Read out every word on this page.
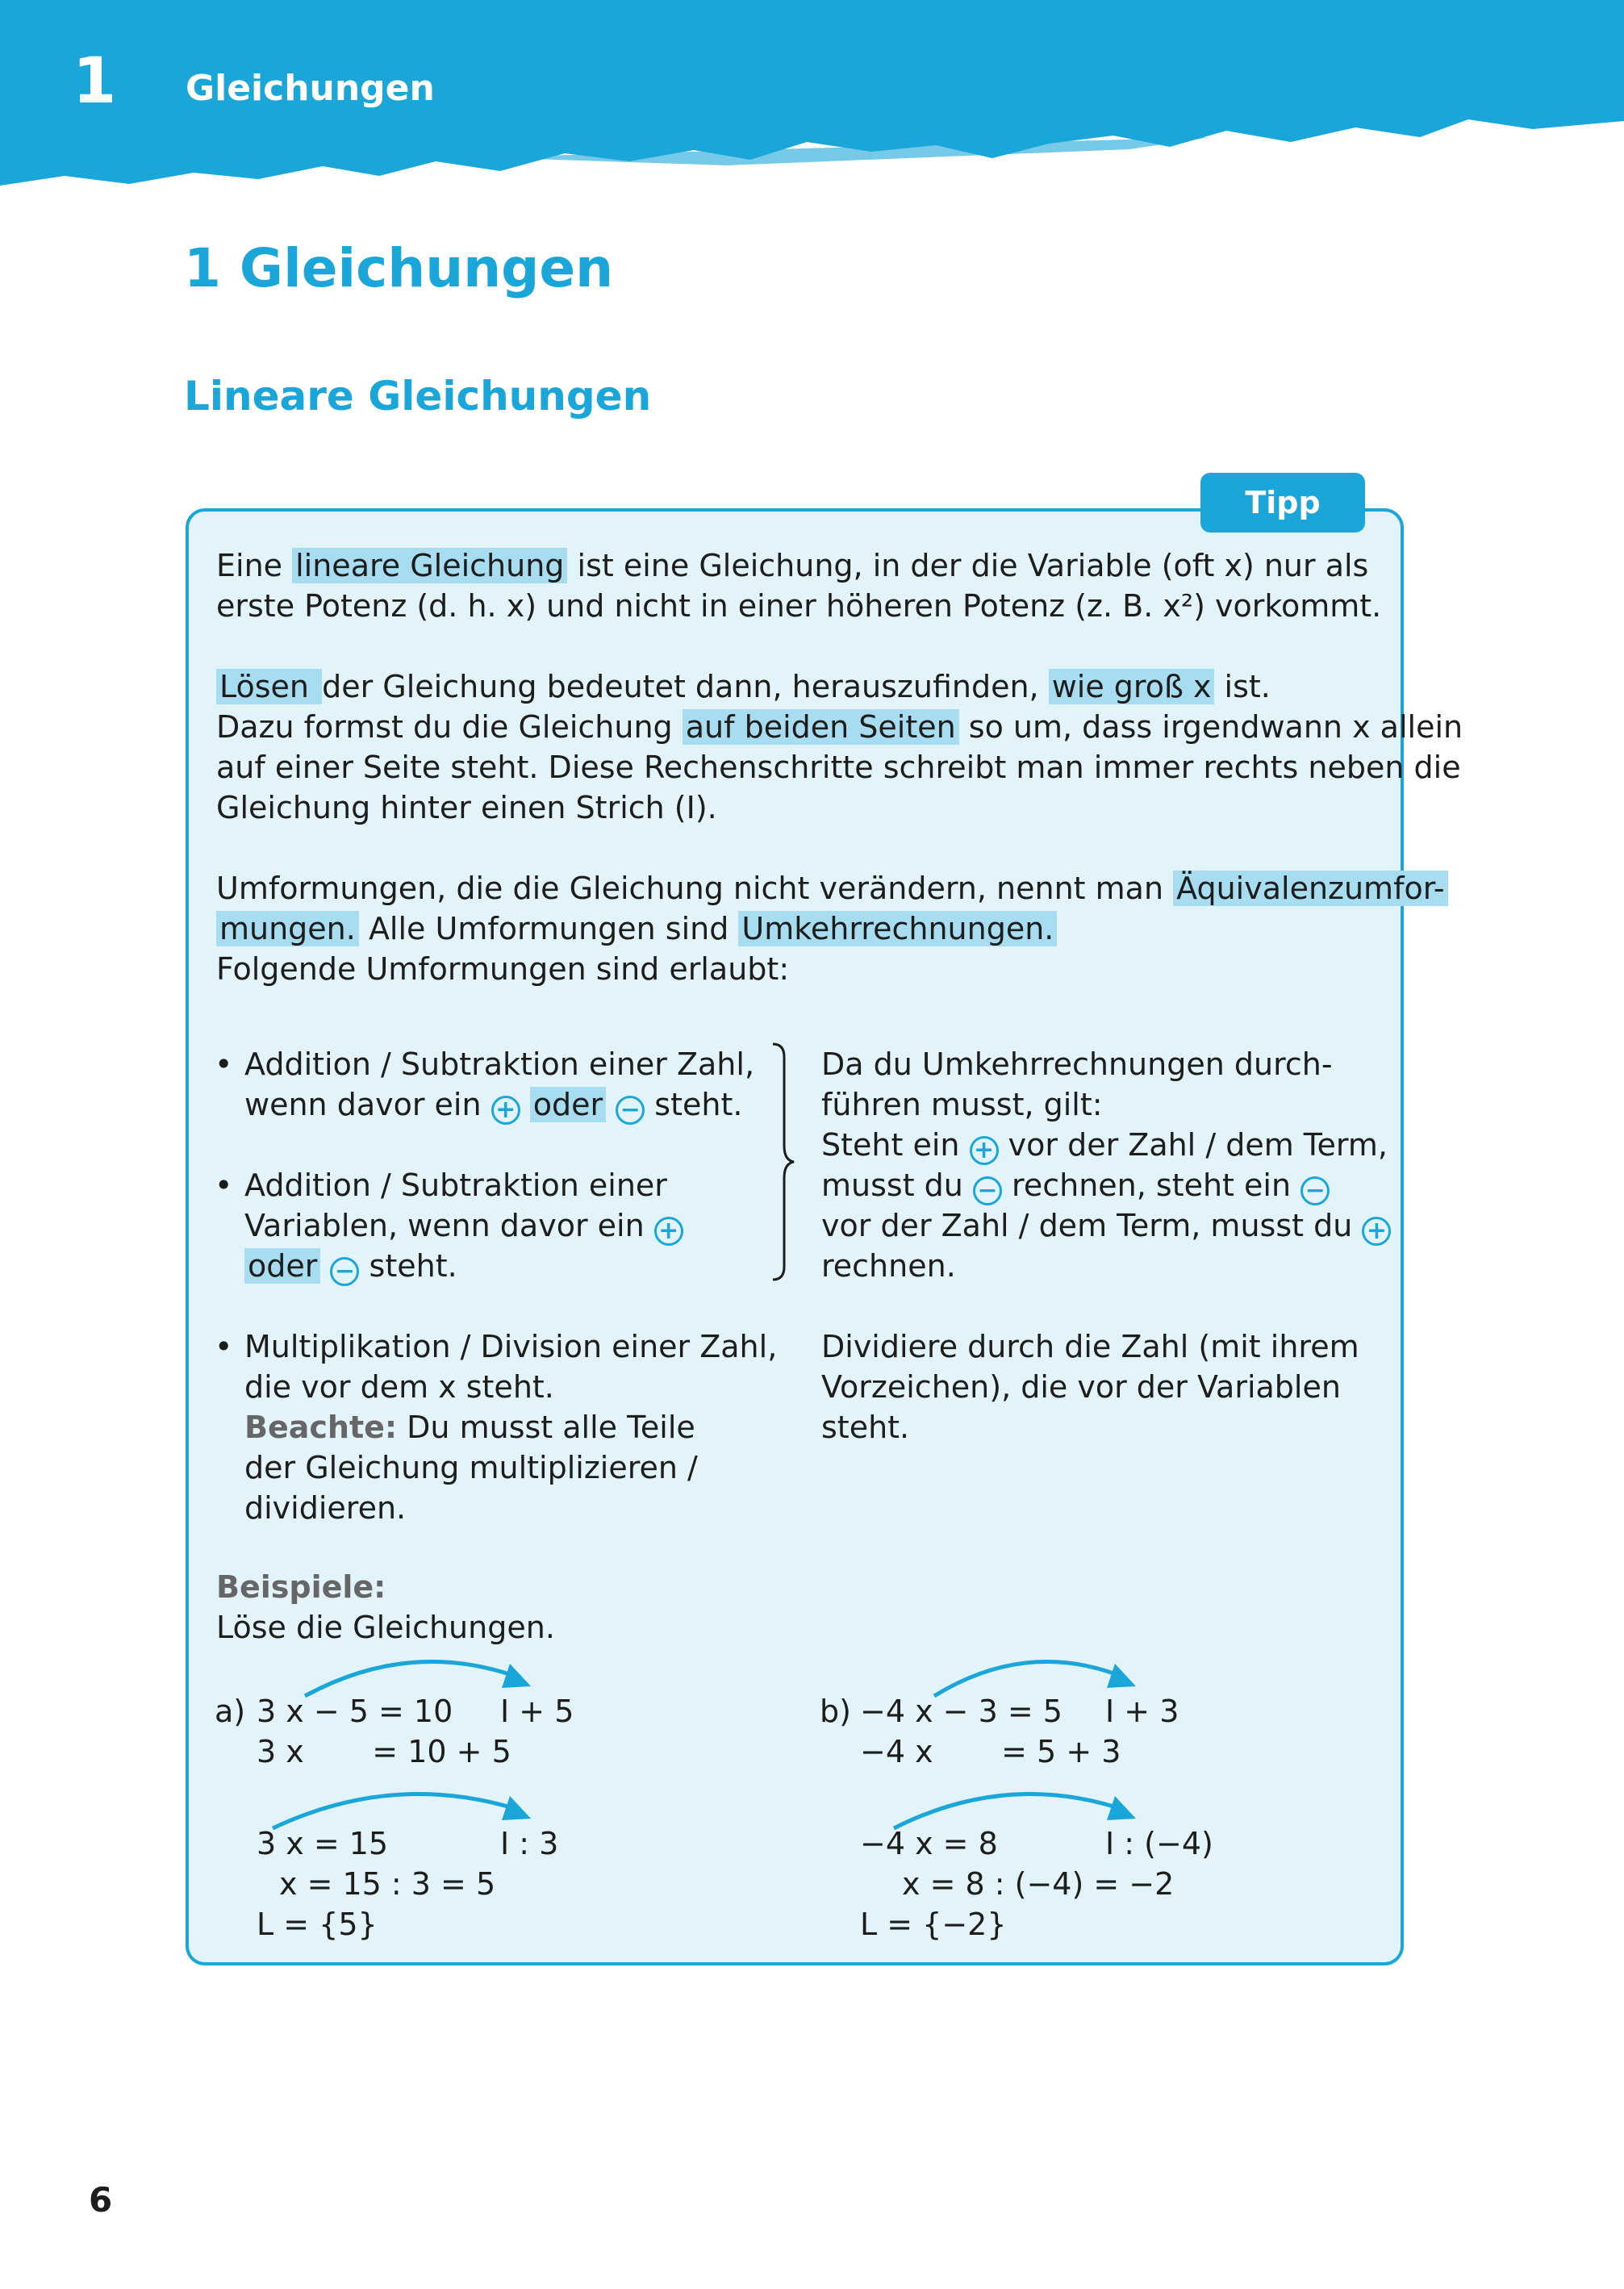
1 Gleichungen
1 Gleichungen
Lineare Gleichungen
Tipp

Eine lineare Gleichung ist eine Gleichung, in der die Variable (oft x) nur als

erste Potenz (d. h. x) und nicht in einer höheren Potenz (z. B. x²) vorkommt.

Lösen der Gleichung bedeutet dann, herauszufinden, wie groß x ist.

Dazu formst du die Gleichung auf beiden Seiten so um, dass irgendwann x allein

auf einer Seite steht. Diese Rechenschritte schreibt man immer rechts neben die

Gleichung hinter einen Strich (I).

Umformungen, die die Gleichung nicht verändern, nennt man Äquivalenzumfor-

mungen. Alle Umformungen sind Umkehrrechnungen.

Folgende Umformungen sind erlaubt:

• Addition / Subtraktion einer Zahl,

wenn davor ein + oder − steht.

• Addition / Subtraktion einer

Variablen, wenn davor ein +

oder − steht.

Da du Umkehrrechnungen durch-

führen musst, gilt:

Steht ein + vor der Zahl / dem Term,

musst du − rechnen, steht ein −

vor der Zahl / dem Term, musst du +

rechnen.

• Multiplikation / Division einer Zahl,

die vor dem x steht.

Beachte: Du musst alle Teile

der Gleichung multiplizieren /

dividieren.

Dividiere durch die Zahl (mit ihrem

Vorzeichen), die vor der Variablen

steht.

Beispiele:

Löse die Gleichungen.

a) 3 x − 5 = 10 I + 5

3 x       = 10 + 5

3 x = 15	I : 3

x = 15 : 3 = 5

L = {5}

b) −4 x − 3 = 5 I + 3

−4 x       = 5 + 3

−4 x = 8	I : (−4)

x = 8 : (−4) = −2

L = {−2}

6
